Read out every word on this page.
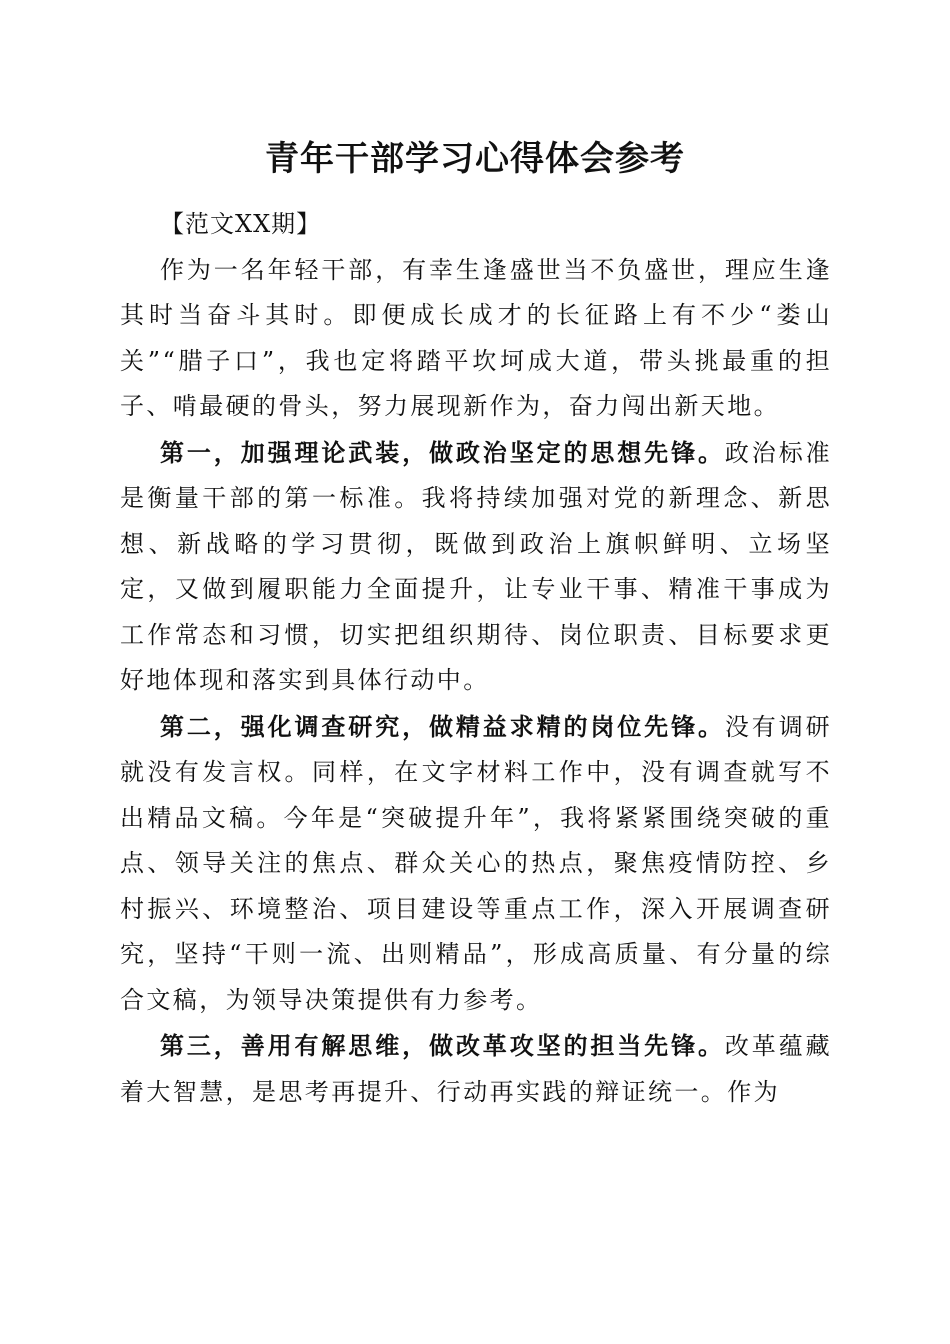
青年干部学习心得体会参考

【范文XX期】

作为一名年轻干部，有幸生逢盛世当不负盛世，理应生逢其时当奋斗其时。即便成长成才的长征路上有不少“娄山关”“腊子口”，我也定将踏平坎坷成大道，带头挑最重的担子、啃最硬的骨头，努力展现新作为，奋力闯出新天地。

第一，加强理论武装，做政治坚定的思想先锋。政治标准是衡量干部的第一标准。我将持续加强对党的新理念、新思想、新战略的学习贯彻，既做到政治上旗帜鲜明、立场坚定，又做到履职能力全面提升，让专业干事、精准干事成为工作常态和习惯，切实把组织期待、岗位职责、目标要求更好地体现和落实到具体行动中。

第二，强化调查研究，做精益求精的岗位先锋。没有调研就没有发言权。同样，在文字材料工作中，没有调查就写不出精品文稿。今年是“突破提升年”，我将紧紧围绕突破的重点、领导关注的焦点、群众关心的热点，聚焦疫情防控、乡村振兴、环境整治、项目建设等重点工作，深入开展调查研究，坚持“干则一流、出则精品”，形成高质量、有分量的综合文稿，为领导决策提供有力参考。

第三，善用有解思维，做改革攻坚的担当先锋。改革蕴藏着大智慧，是思考再提升、行动再实践的辩证统一。作为
